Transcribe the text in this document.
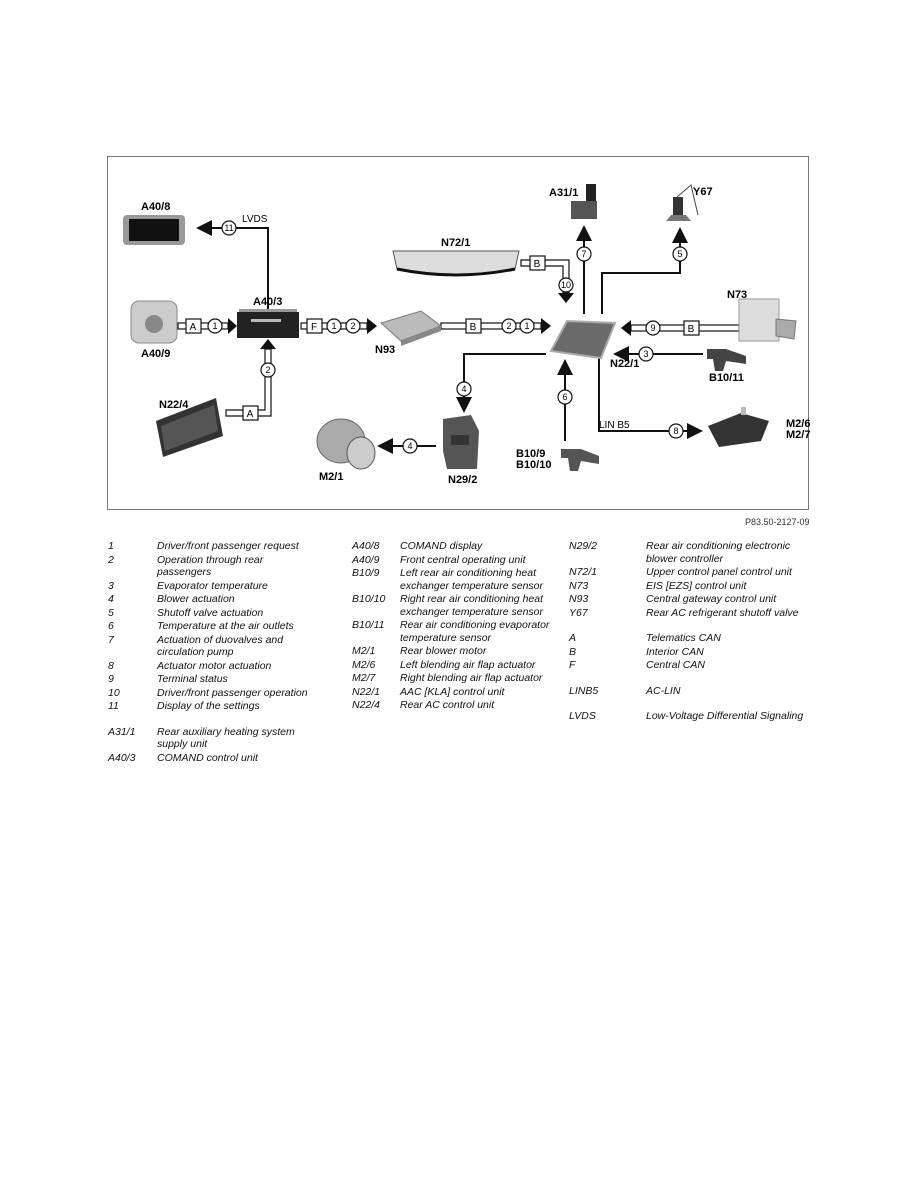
A	F	B	B
A
B
LVDS
LIN B5
11
1	1 2	2 1
2
10
7	5
9
3
4
4
6
8
A40/8
A40/3
A40/9
N22/4
N72/1
N93
N22/1
A31/1	Y67
N73
B10/11
N29/2
M2/1
B10/9
B10/10
M2/6
M2/7
P83.50-2127-09
1	Driver/front passenger request
2	Operation through rear passengers
3	Evaporator temperature
4	Blower actuation
5	Shutoff valve actuation
6	Temperature at the air outlets
7	Actuation of duovalves and circulation pump
8	Actuator motor actuation
9	Terminal status
10	Driver/front passenger operation
11	Display of the settings
A31/1	Rear auxiliary heating system supply unit
A40/3	COMAND control unit
A40/8	COMAND display
A40/9	Front central operating unit
B10/9	Left rear air conditioning heat exchanger temperature sensor
B10/10	Right rear air conditioning heat exchanger temperature sensor
B10/11	Rear air conditioning evaporator temperature sensor
M2/1	Rear blower motor
M2/6	Left blending air flap actuator
M2/7	Right blending air flap actuator
N22/1	AAC [KLA] control unit
N22/4	Rear AC control unit
N29/2	Rear air conditioning electronic blower controller
N72/1	Upper control panel control unit
N73	EIS [EZS] control unit
N93	Central gateway control unit
Y67	Rear AC refrigerant shutoff valve
A	Telematics CAN
B	Interior CAN
F	Central CAN
LINB5	AC-LIN
LVDS	Low-Voltage Differential Signaling
